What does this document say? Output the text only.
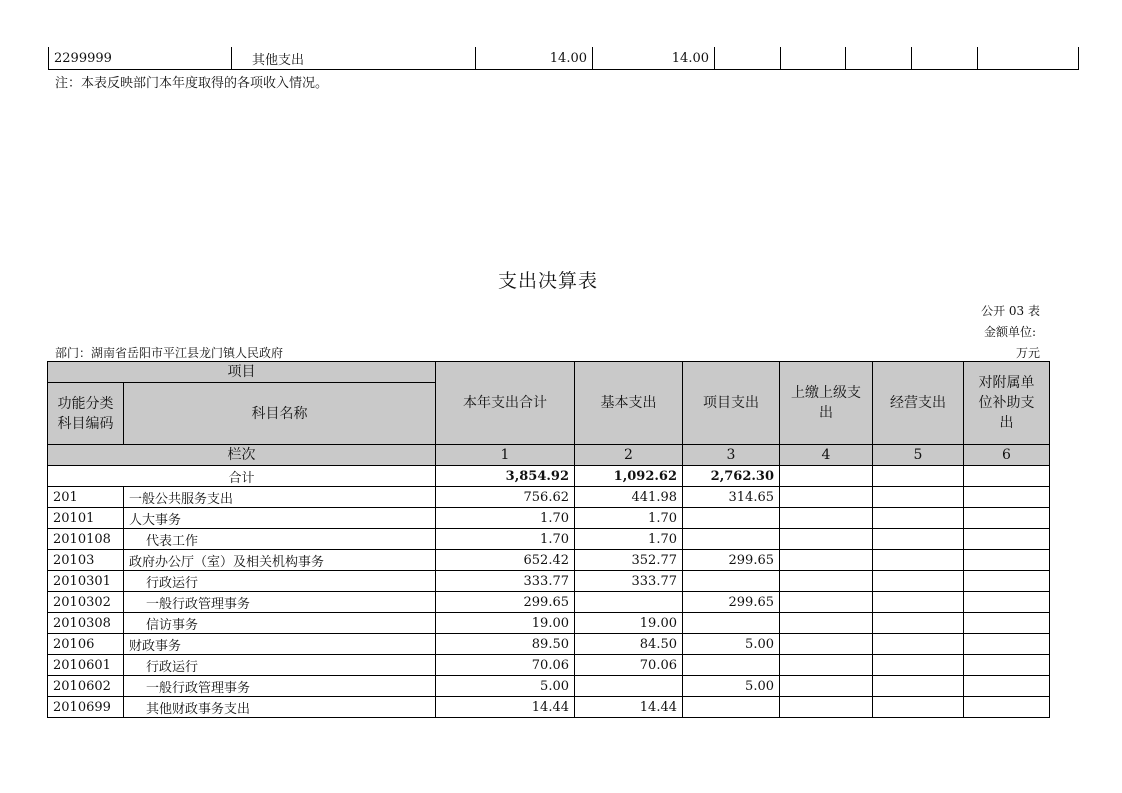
2299999	其他支出	14.00	14.00					
注：本表反映部门本年度取得的各项收入情况。
支出决算表
公开 03 表
金额单位:
万元
部门：湖南省岳阳市平江县龙门镇人民政府
项目		本年支出合计	基本支出	项目支出	上缴上级支出	经营支出	对附属单位补助支出
功能分类科目编码	科目名称						
栏次		1	2	3	4	5	6
合计		3,854.92	1,092.62	2,762.30			
201	一般公共服务支出	756.62	441.98	314.65			
20101	人大事务	1.70	1.70				
2010108	代表工作	1.70	1.70				
20103	政府办公厅（室）及相关机构事务	652.42	352.77	299.65			
2010301	行政运行	333.77	333.77				
2010302	一般行政管理事务	299.65		299.65			
2010308	信访事务	19.00	19.00				
20106	财政事务	89.50	84.50	5.00			
2010601	行政运行	70.06	70.06				
2010602	一般行政管理事务	5.00		5.00			
2010699	其他财政事务支出	14.44	14.44				
